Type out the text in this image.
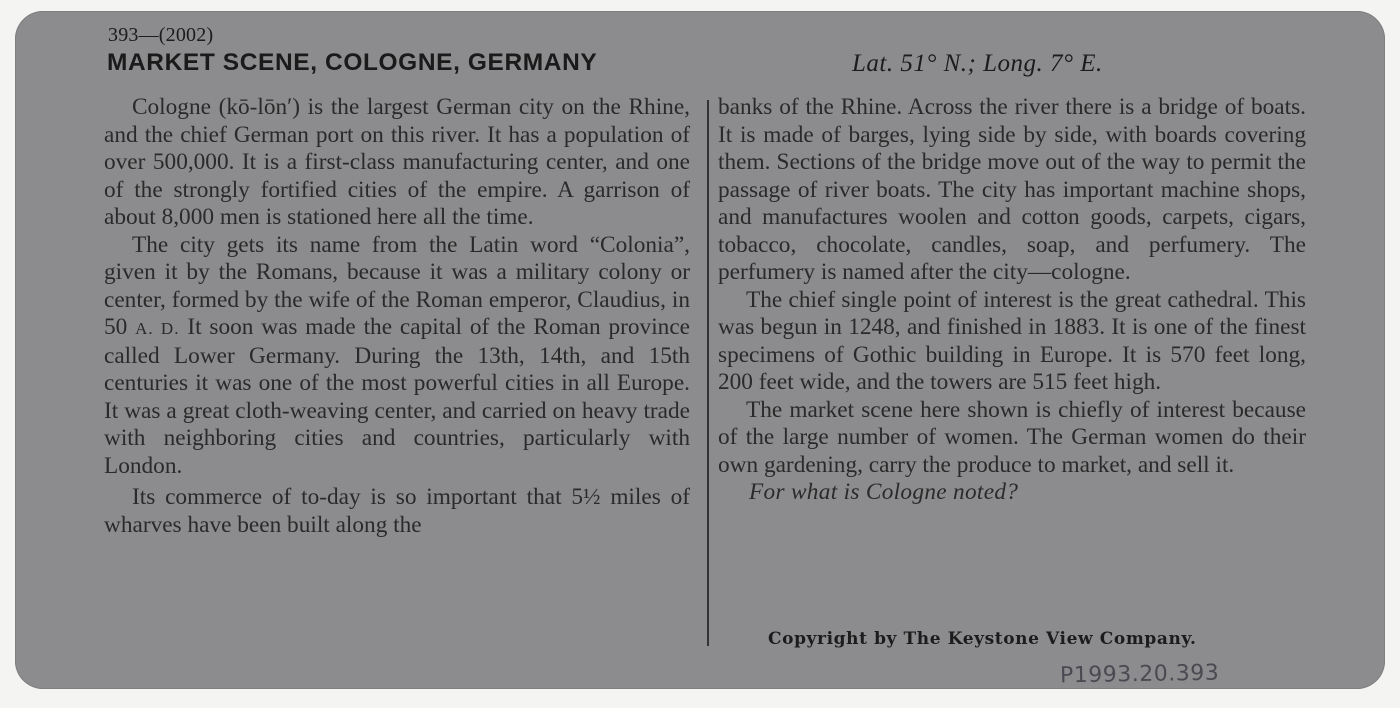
393—(2002)
MARKET SCENE, COLOGNE, GERMANY	Lat. 51° N.; Long. 7° E.

Cologne (kō-lōn′) is the largest German city on the Rhine, and the chief German port on this river. It has a population of over 500,000. It is a first-class manufacturing center, and one of the strongly fortified cities of the empire. A garrison of about 8,000 men is stationed here all the time.

The city gets its name from the Latin word “Colonia”, given it by the Romans, because it was a military colony or center, formed by the wife of the Roman emperor, Claudius, in 50 A. D. It soon was made the capital of the Roman province called Lower Germany. During the 13th, 14th, and 15th centuries it was one of the most powerful cities in all Europe. It was a great cloth-weaving center, and carried on heavy trade with neighboring cities and countries, particularly with London.

Its commerce of to-day is so important that 5½ miles of wharves have been built along the

banks of the Rhine. Across the river there is a bridge of boats. It is made of barges, lying side by side, with boards covering them. Sections of the bridge move out of the way to permit the passage of river boats. The city has important machine shops, and manufactures woolen and cotton goods, carpets, cigars, tobacco, chocolate, candles, soap, and perfumery. The perfumery is named after the city—cologne.

The chief single point of interest is the great cathedral. This was begun in 1248, and finished in 1883. It is one of the finest specimens of Gothic building in Europe. It is 570 feet long, 200 feet wide, and the towers are 515 feet high.

The market scene here shown is chiefly of interest because of the large number of women. The German women do their own gardening, carry the produce to market, and sell it.

For what is Cologne noted?

Copyright by The Keystone View Company.
P1993.20.393
